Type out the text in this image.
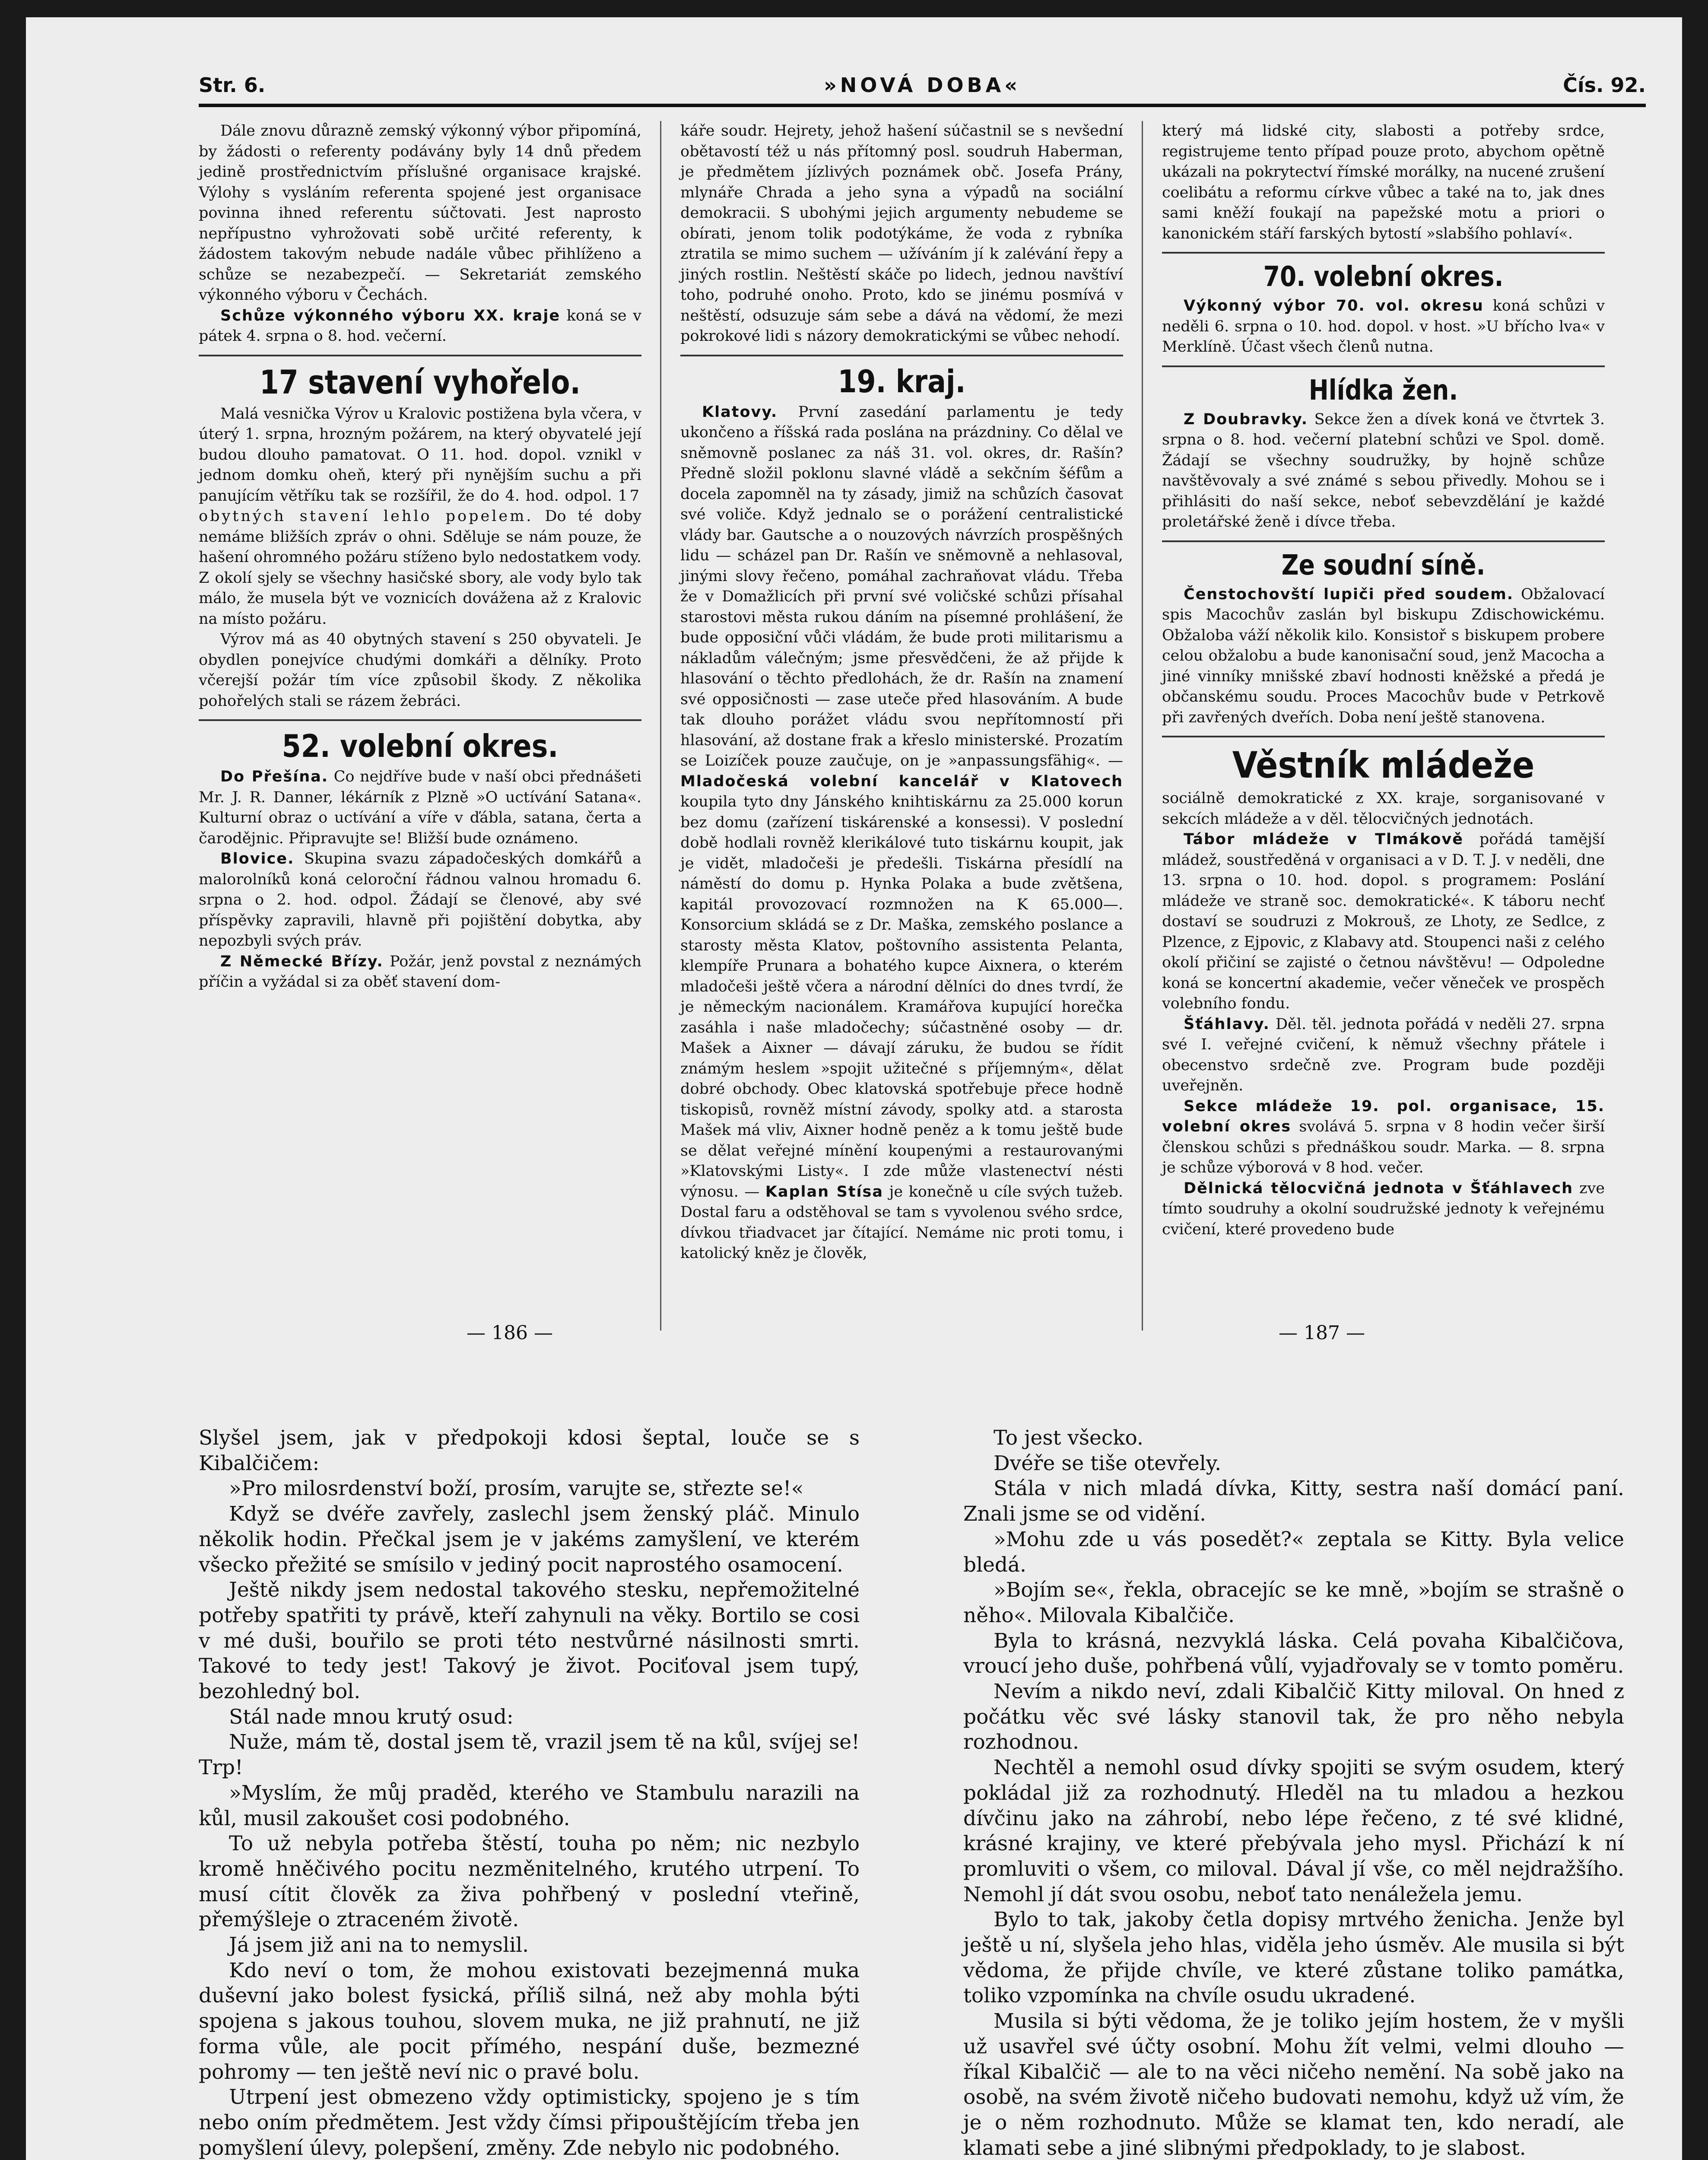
Str. 6.	»NOVÁ DOBA«	Čís. 92.

Dále znovu důrazně zemský výkonný výbor připomíná, by žádosti o referenty podávány byly 14 dnů předem jedině prostřednictvím příslušné organisace krajské. Výlohy s vysláním referenta spojené jest organisace povinna ihned referentu súčtovati. Jest naprosto nepřípustno vyhrožovati sobě určité referenty, k žádostem takovým nebude nadále vůbec přihlíženo a schůze se nezabezpečí. — Sekretariát zemského výkonného výboru v Čechách.

Schůze výkonného výboru XX. kraje koná se v pátek 4. srpna o 8. hod. večerní.

17 stavení vyhořelo.

Malá vesnička Výrov u Kralovic postižena byla včera, v úterý 1. srpna, hrozným požárem, na který obyvatelé její budou dlouho pamatovat. O 11. hod. dopol. vznikl v jednom domku oheň, který při nynějším suchu a při panujícím větříku tak se rozšířil, že do 4. hod. odpol. 17 obytných stavení lehlo popelem. Do té doby nemáme bližších zpráv o ohni. Sděluje se nám pouze, že hašení ohromného požáru stíženo bylo nedostatkem vody. Z okolí sjely se všechny hasičské sbory, ale vody bylo tak málo, že musela být ve voznicích dovážena až z Kralovic na místo požáru.

Výrov má as 40 obytných stavení s 250 obyvateli. Je obydlen ponejvíce chudými domkáři a dělníky. Proto včerejší požár tím více způsobil škody. Z několika pohořelých stali se rázem žebráci.

52. volební okres.

Do Přešína. Co nejdříve bude v naší obci přednášeti Mr. J. R. Danner, lékárník z Plzně »O uctívání Satana«. Kulturní obraz o uctívání a víře v ďábla, satana, čerta a čarodějnic. Připravujte se! Bližší bude oznámeno.

Blovice. Skupina svazu západočeských domkářů a malorolníků koná celoroční řádnou valnou hromadu 6. srpna o 2. hod. odpol. Žádají se členové, aby své příspěvky zapravili, hlavně při pojištění dobytka, aby nepozbyli svých práv.

Z Německé Břízy. Požár, jenž povstal z neznámých příčin a vyžádal si za oběť stavení dom-

káře soudr. Hejrety, jehož hašení súčastnil se s nevšední obětavostí též u nás přítomný posl. soudruh Haberman, je předmětem jízlivých poznámek obč. Josefa Prány, mlynáře Chrada a jeho syna a výpadů na sociální demokracii. S ubohými jejich argumenty nebudeme se obírati, jenom tolik podotýkáme, že voda z rybníka ztratila se mimo suchem — užíváním jí k zalévání řepy a jiných rostlin. Neštěstí skáče po lidech, jednou navštíví toho, podruhé onoho. Proto, kdo se jinému posmívá v neštěstí, odsuzuje sám sebe a dává na vědomí, že mezi pokrokové lidi s názory demokratickými se vůbec nehodí.

19. kraj.

Klatovy. První zasedání parlamentu je tedy ukončeno a říšská rada poslána na prázdniny. Co dělal ve sněmovně poslanec za náš 31. vol. okres, dr. Rašín? Předně složil poklonu slavné vládě a sekčním šéfům a docela zapomněl na ty zásady, jimiž na schůzích časovat své voliče. Když jednalo se o porážení centralistické vlády bar. Gautsche a o nouzových návrzích prospěšných lidu — scházel pan Dr. Rašín ve sněmovně a nehlasoval, jinými slovy řečeno, pomáhal zachraňovat vládu. Třeba že v Domažlicích při první své voličské schůzi přísahal starostovi města rukou dáním na písemné prohlášení, že bude opposiční vůči vládám, že bude proti militarismu a nákladům válečným; jsme přesvědčeni, že až přijde k hlasování o těchto předlohách, že dr. Rašín na znamení své opposičnosti — zase uteče před hlasováním. A bude tak dlouho porážet vládu svou nepřítomností při hlasování, až dostane frak a křeslo ministerské. Prozatím se Loizíček pouze zaučuje, on je »anpassungsfähig«. — Mladočeská volební kancelář v Klatovech koupila tyto dny Jánského knihtiskárnu za 25.000 korun bez domu (zařízení tiskárenské a konsessi). V poslední době hodlali rovněž klerikálové tuto tiskárnu koupit, jak je vidět, mladočeši je předešli. Tiskárna přesídlí na náměstí do domu p. Hynka Polaka a bude zvětšena, kapitál provozovací rozmnožen na K 65.000—. Konsorcium skládá se z Dr. Maška, zemského poslance a starosty města Klatov, poštovního assistenta Pelanta, klempíře Prunara a bohatého kupce Aixnera, o kterém mladočeši ještě včera a národní dělníci do dnes tvrdí, že je německým nacionálem. Kramářova kupující horečka zasáhla i naše mladočechy; súčastněné osoby — dr. Mašek a Aixner — dávají záruku, že budou se řídit známým heslem »spojit užitečné s příjemným«, dělat dobré obchody. Obec klatovská spotřebuje přece hodně tiskopisů, rovněž místní závody, spolky atd. a starosta Mašek má vliv, Aixner hodně peněz a k tomu ještě bude se dělat veřejné mínění koupenými a restaurovanými »Klatovskými Listy«. I zde může vlastenectví nésti výnosu. — Kaplan Stísa je konečně u cíle svých tužeb. Dostal faru a odstěhoval se tam s vyvolenou svého srdce, dívkou třiadvacet jar čítající. Nemáme nic proti tomu, i katolický kněz je člověk,

který má lidské city, slabosti a potřeby srdce, registrujeme tento případ pouze proto, abychom opětně ukázali na pokrytectví římské morálky, na nucené zrušení coelibátu a reformu církve vůbec a také na to, jak dnes sami kněží foukají na papežské motu a priori o kanonickém stáří farských bytostí »slabšího pohlaví«.

70. volební okres.

Výkonný výbor 70. vol. okresu koná schůzi v neděli 6. srpna o 10. hod. dopol. v host. »U břícho lva« v Merklíně. Účast všech členů nutna.

Hlídka žen.

Z Doubravky. Sekce žen a dívek koná ve čtvrtek 3. srpna o 8. hod. večerní platební schůzi ve Spol. domě. Žádají se všechny soudružky, by hojně schůze navštěvovaly a své známé s sebou přivedly. Mohou se i přihlásiti do naší sekce, neboť sebevzdělání je každé proletářské ženě i dívce třeba.

Ze soudní síně.

Čenstochovští lupiči před soudem. Obžalovací spis Macochův zaslán byl biskupu Zdischowickému. Obžaloba váží několik kilo. Konsistoř s biskupem probere celou obžalobu a bude kanonisační soud, jenž Macocha a jiné vinníky mnišské zbaví hodnosti kněžské a předá je občanskému soudu. Proces Macochův bude v Petrkově při zavřených dveřích. Doba není ještě stanovena.

Věstník mládeže

sociálně demokratické z XX. kraje, sorganisované v sekcích mládeže a v děl. tělocvičných jednotách.

Tábor mládeže v Tlmákově pořádá tamější mládež, soustředěná v organisaci a v D. T. J. v neděli, dne 13. srpna o 10. hod. dopol. s programem: Poslání mládeže ve straně soc. demokratické«. K táboru nechť dostaví se soudruzi z Mokrouš, ze Lhoty, ze Sedlce, z Plzence, z Ejpovic, z Klabavy atd. Stoupenci naši z celého okolí přičiní se zajisté o četnou návštěvu! — Odpoledne koná se koncertní akademie, večer věneček ve prospěch volebního fondu.

Šťáhlavy. Děl. těl. jednota pořádá v neděli 27. srpna své I. veřejné cvičení, k němuž všechny přátele i obecenstvo srdečně zve. Program bude později uveřejněn.

Sekce mládeže 19. pol. organisace, 15. volební okres svolává 5. srpna v 8 hodin večer širší členskou schůzi s přednáškou soudr. Marka. — 8. srpna je schůze výborová v 8 hod. večer.

Dělnická tělocvičná jednota v Šťáhlavech zve tímto soudruhy a okolní soudružské jednoty k veřejnému cvičení, které provedeno bude

— 186 —	— 187 —

Slyšel jsem, jak v předpokoji kdosi šeptal, louče se s Kibalčičem:

»Pro milosrdenství boží, prosím, varujte se, střezte se!«

Když se dvéře zavřely, zaslechl jsem ženský pláč. Minulo několik hodin. Přečkal jsem je v jakéms zamyšlení, ve kterém všecko přežité se smísilo v jediný pocit naprostého osamocení.

Ještě nikdy jsem nedostal takového stesku, nepřemožitelné potřeby spatřiti ty právě, kteří zahynuli na věky. Bortilo se cosi v mé duši, bouřilo se proti této nestvůrné násilnosti smrti. Takové to tedy jest! Takový je život. Pociťoval jsem tupý, bezohledný bol.

Stál nade mnou krutý osud:

Nuže, mám tě, dostal jsem tě, vrazil jsem tě na kůl, svíjej se! Trp!

»Myslím, že můj praděd, kterého ve Stambulu narazili na kůl, musil zakoušet cosi podobného.

To už nebyla potřeba štěstí, touha po něm; nic nezbylo kromě hněčivého pocitu nezměnitelného, krutého utrpení. To musí cítit člověk za živa pohřbený v poslední vteřině, přemýšleje o ztraceném životě.

Já jsem již ani na to nemyslil.

Kdo neví o tom, že mohou existovati bezejmenná muka duševní jako bolest fysická, příliš silná, než aby mohla býti spojena s jakous touhou, slovem muka, ne již prahnutí, ne již forma vůle, ale pocit přímého, nespání duše, bezmezné pohromy — ten ještě neví nic o pravé bolu.

Utrpení jest obmezeno vždy optimisticky, spojeno je s tím nebo oním předmětem. Jest vždy čímsi připouštějícím třeba jen pomyšlení úlevy, polepšení, změny. Zde nebylo nic podobného.

To jest všecko.

Dvéře se tiše otevřely.

Stála v nich mladá dívka, Kitty, sestra naší domácí paní. Znali jsme se od vidění.

»Mohu zde u vás posedět?« zeptala se Kitty. Byla velice bledá.

»Bojím se«, řekla, obracejíc se ke mně, »bojím se strašně o něho«. Milovala Kibalčiče.

Byla to krásná, nezvyklá láska. Celá povaha Kibalčičova, vroucí jeho duše, pohřbená vůlí, vyjadřovaly se v tomto poměru.

Nevím a nikdo neví, zdali Kibalčič Kitty miloval. On hned z počátku věc své lásky stanovil tak, že pro něho nebyla rozhodnou.

Nechtěl a nemohl osud dívky spojiti se svým osudem, který pokládal již za rozhodnutý. Hleděl na tu mladou a hezkou dívčinu jako na záhrobí, nebo lépe řečeno, z té své klidné, krásné krajiny, ve které přebývala jeho mysl. Přichází k ní promluviti o všem, co miloval. Dával jí vše, co měl nejdražšího. Nemohl jí dát svou osobu, neboť tato nenáležela jemu.

Bylo to tak, jakoby četla dopisy mrtvého ženicha. Jenže byl ještě u ní, slyšela jeho hlas, viděla jeho úsměv. Ale musila si být vědoma, že přijde chvíle, ve které zůstane toliko památka, toliko vzpomínka na chvíle osudu ukradené.

Musila si býti vědoma, že je toliko jejím hostem, že v myšli už usavřel své účty osobní. Mohu žít velmi, velmi dlouho — říkal Kibalčič — ale to na věci ničeho nemění. Na sobě jako na osobě, na svém životě ničeho budovati nemohu, když už vím, že je o něm rozhodnuto. Může se klamat ten, kdo neradí, ale klamati sebe a jiné slibnými předpoklady, to je slabost.
